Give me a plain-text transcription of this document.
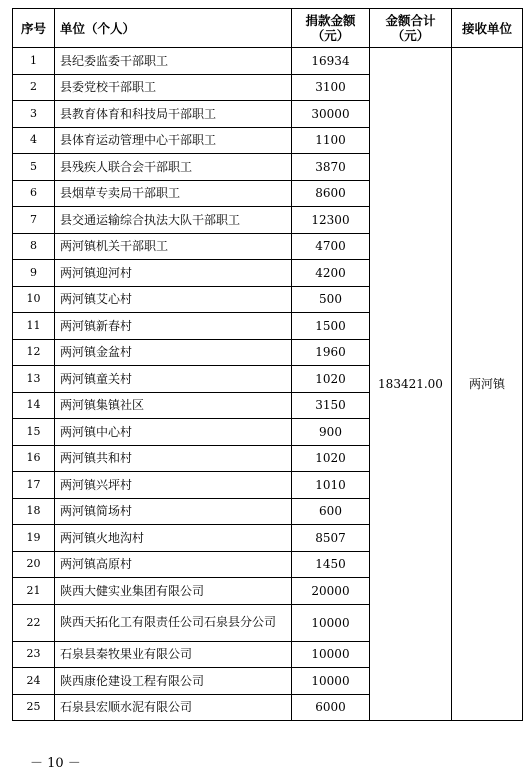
序号	单位（个人）	捐款金额（元）	金额合计（元）	接收单位
1	县纪委监委干部职工	16934	183421.00	两河镇
2	县委党校干部职工	3100		
3	县教育体育和科技局干部职工	30000		
4	县体育运动管理中心干部职工	1100		
5	县残疾人联合会干部职工	3870		
6	县烟草专卖局干部职工	8600		
7	县交通运输综合执法大队干部职工	12300		
8	两河镇机关干部职工	4700		
9	两河镇迎河村	4200		
10	两河镇艾心村	500		
11	两河镇新春村	1500		
12	两河镇金盆村	1960		
13	两河镇童关村	1020		
14	两河镇集镇社区	3150		
15	两河镇中心村	900		
16	两河镇共和村	1020		
17	两河镇兴坪村	1010		
18	两河镇简场村	600		
19	两河镇火地沟村	8507		
20	两河镇高原村	1450		
21	陕西大健实业集团有限公司	20000		
22	陕西天拓化工有限责任公司石泉县分公司	10000		
23	石泉县秦牧果业有限公司	10000		
24	陕西康伦建设工程有限公司	10000		
25	石泉县宏顺水泥有限公司	6000		
－ 10 －
